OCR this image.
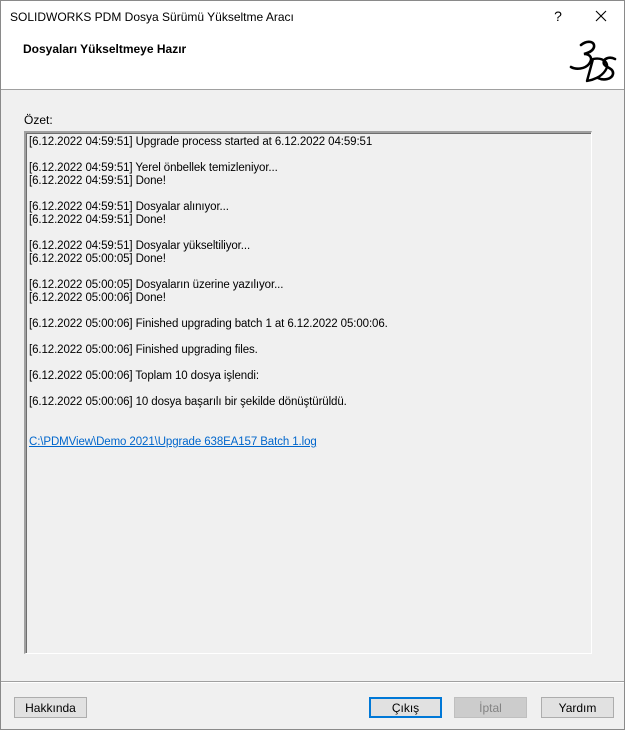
SOLIDWORKS PDM Dosya Sürümü Yükseltme Aracı	?
Dosyaları Yükseltmeye Hazır
Özet:
[6.12.2022 04:59:51] Upgrade process started at 6.12.2022 04:59:51
[6.12.2022 04:59:51] Yerel önbellek temizleniyor...
[6.12.2022 04:59:51] Done!
[6.12.2022 04:59:51] Dosyalar alınıyor...
[6.12.2022 04:59:51] Done!
[6.12.2022 04:59:51] Dosyalar yükseltiliyor...
[6.12.2022 05:00:05] Done!
[6.12.2022 05:00:05] Dosyaların üzerine yazılıyor...
[6.12.2022 05:00:06] Done!
[6.12.2022 05:00:06] Finished upgrading batch 1 at 6.12.2022 05:00:06.
[6.12.2022 05:00:06] Finished upgrading files.
[6.12.2022 05:00:06] Toplam 10 dosya işlendi:
[6.12.2022 05:00:06] 10 dosya başarılı bir şekilde dönüştürüldü.
C:\PDMView\Demo 2021\Upgrade 638EA157 Batch 1.log
Hakkında	Çıkış	İptal	Yardım
